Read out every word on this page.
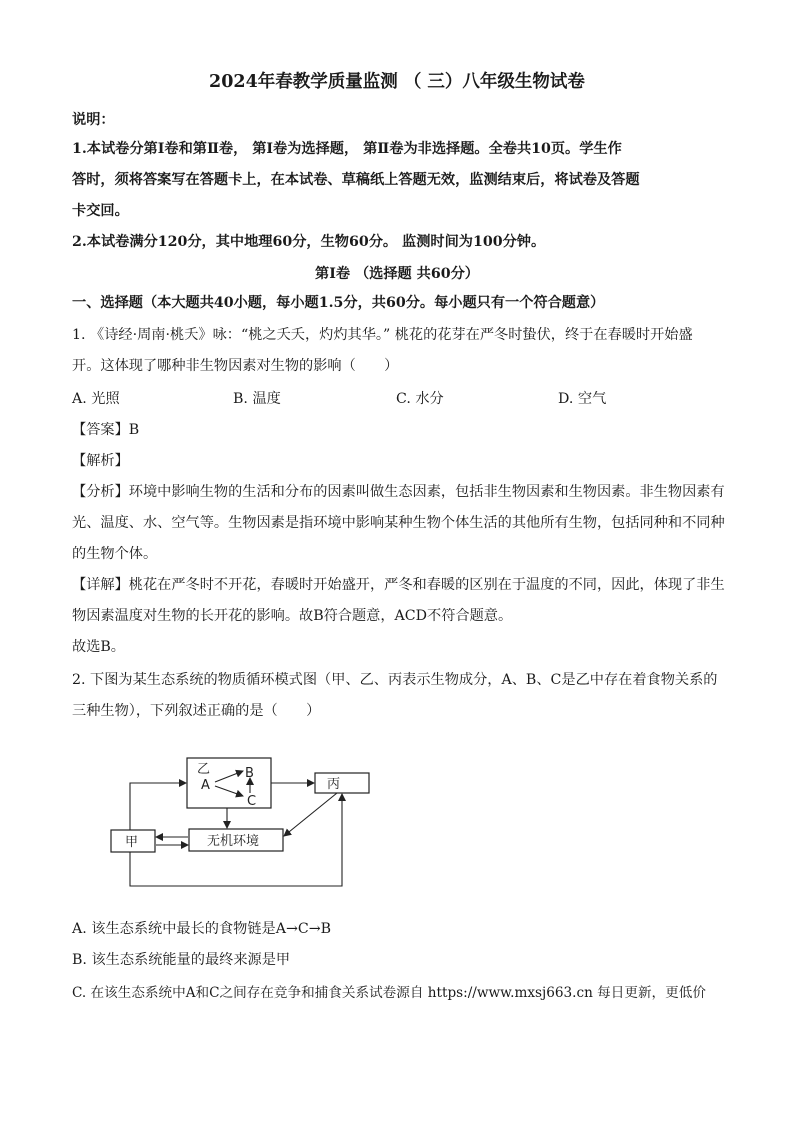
2024年春教学质量监测 （ 三）八年级生物试卷
说明：
1.本试卷分第Ⅰ卷和第Ⅱ卷， 第Ⅰ卷为选择题， 第Ⅱ卷为非选择题。全卷共10页。学生作
答时，须将答案写在答题卡上，在本试卷、草稿纸上答题无效，监测结束后，将试卷及答题
卡交回。
2.本试卷满分120分，其中地理60分，生物60分。 监测时间为100分钟。
第Ⅰ卷 （选择题 共60分）
一、选择题（本大题共40小题，每小题1.5分，共60分。每小题只有一个符合题意）
1. 《诗经·周南·桃夭》咏：“桃之夭夭，灼灼其华。” 桃花的花芽在严冬时蛰伏，终于在春暖时开始盛
开。这体现了哪种非生物因素对生物的影响（　　）
A. 光照	B. 温度	C. 水分	D. 空气
【答案】B
【解析】
【分析】环境中影响生物的生活和分布的因素叫做生态因素，包括非生物因素和生物因素。非生物因素有
光、温度、水、空气等。生物因素是指环境中影响某种生物个体生活的其他所有生物，包括同种和不同种
的生物个体。
【详解】桃花在严冬时不开花，春暖时开始盛开，严冬和春暖的区别在于温度的不同，因此，体现了非生
物因素温度对生物的长开花的影响。故B符合题意，ACD不符合题意。
故选B。
2. 下图为某生态系统的物质循环模式图（甲、乙、丙表示生物成分，A、B、C是乙中存在着食物关系的
三种生物），下列叙述正确的是（　　）
乙
A
B
C
丙
甲	无机环境
A. 该生态系统中最长的食物链是A→C→B
B. 该生态系统能量的最终来源是甲
C. 在该生态系统中A和C之间存在竞争和捕食关系试卷源自 https://www.mxsj663.cn 每日更新，更低价
